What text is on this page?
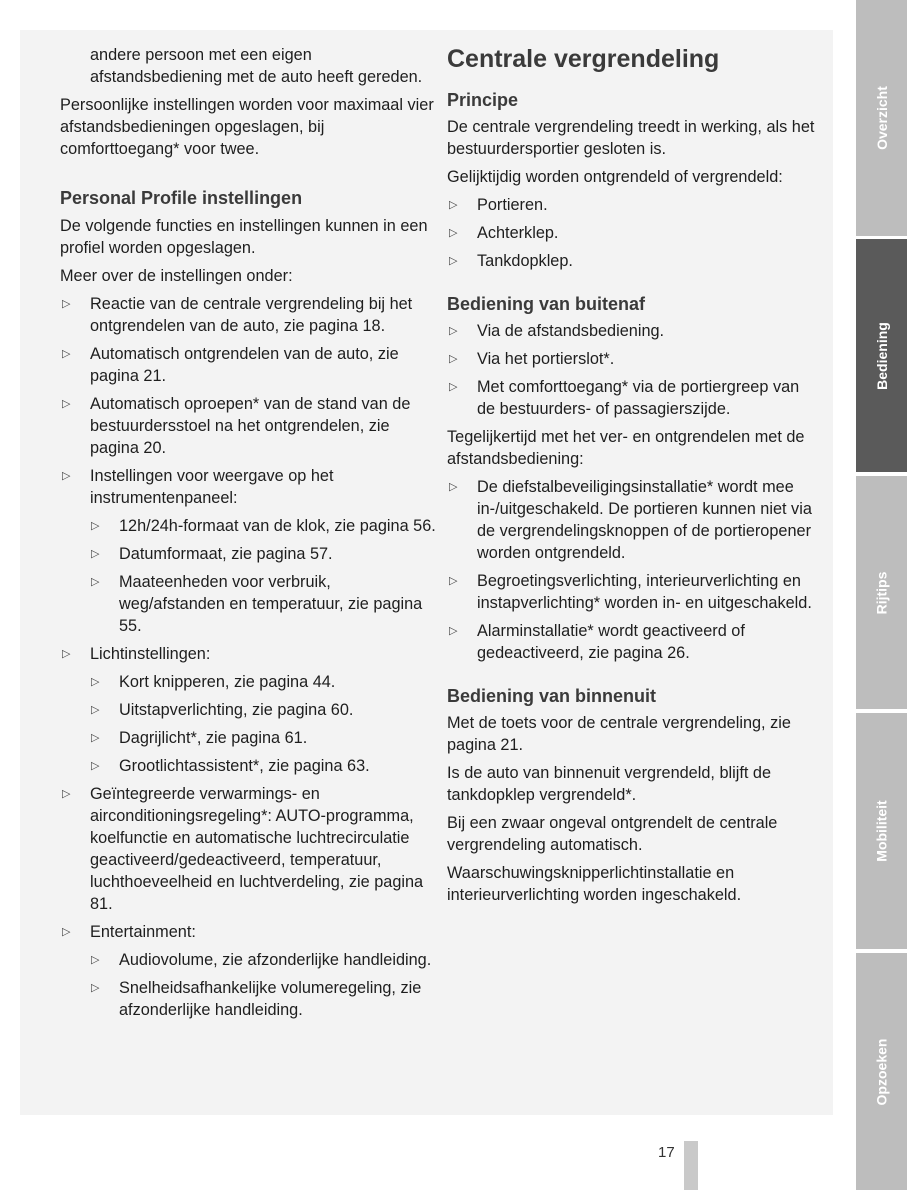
andere persoon met een eigen afstandsbediening met de auto heeft gereden.

Persoonlijke instellingen worden voor maximaal vier afstandsbedieningen opgeslagen, bij comforttoegang* voor twee.

Personal Profile instellingen

De volgende functies en instellingen kunnen in een profiel worden opgeslagen.

Meer over de instellingen onder:

▷ Reactie van de centrale vergrendeling bij het ontgrendelen van de auto, zie pagina 18.
▷ Automatisch ontgrendelen van de auto, zie pagina 21.
▷ Automatisch oproepen* van de stand van de bestuurdersstoel na het ontgrendelen, zie pagina 20.
▷ Instellingen voor weergave op het instrumentenpaneel:
▷ 12h/24h-formaat van de klok, zie pagina 56.
▷ Datumformaat, zie pagina 57.
▷ Maateenheden voor verbruik, weg/afstanden en temperatuur, zie pagina 55.
▷ Lichtinstellingen:
▷ Kort knipperen, zie pagina 44.
▷ Uitstapverlichting, zie pagina 60.
▷ Dagrijlicht*, zie pagina 61.
▷ Grootlichtassistent*, zie pagina 63.
▷ Geïntegreerde verwarmings- en airconditioningsregeling*: AUTO-programma, koelfunctie en automatische luchtrecirculatie geactiveerd/gedeactiveerd, temperatuur, luchthoeveelheid en luchtverdeling, zie pagina 81.
▷ Entertainment:
▷ Audiovolume, zie afzonderlijke handleiding.
▷ Snelheidsafhankelijke volumeregeling, zie afzonderlijke handleiding.

Centrale vergrendeling

Principe

De centrale vergrendeling treedt in werking, als het bestuurdersportier gesloten is.

Gelijktijdig worden ontgrendeld of vergrendeld:

▷ Portieren.
▷ Achterklep.
▷ Tankdopklep.

Bediening van buitenaf

▷ Via de afstandsbediening.
▷ Via het portierslot*.
▷ Met comforttoegang* via de portiergreep van de bestuurders- of passagierszijde.

Tegelijkertijd met het ver- en ontgrendelen met de afstandsbediening:

▷ De diefstalbeveiligingsinstallatie* wordt mee in-/uitgeschakeld. De portieren kunnen niet via de vergrendelingsknoppen of de portieropener worden ontgrendeld.
▷ Begroetingsverlichting, interieurverlichting en instapverlichting* worden in- en uitgeschakeld.
▷ Alarminstallatie* wordt geactiveerd of gedeactiveerd, zie pagina 26.

Bediening van binnenuit

Met de toets voor de centrale vergrendeling, zie pagina 21.

Is de auto van binnenuit vergrendeld, blijft de tankdopklep vergrendeld*.

Bij een zwaar ongeval ontgrendelt de centrale vergrendeling automatisch.

Waarschuwingsknipperlichtinstallatie en interieurverlichting worden ingeschakeld.

Overzicht
Bediening
Rijtips
Mobiliteit
Opzoeken
17
